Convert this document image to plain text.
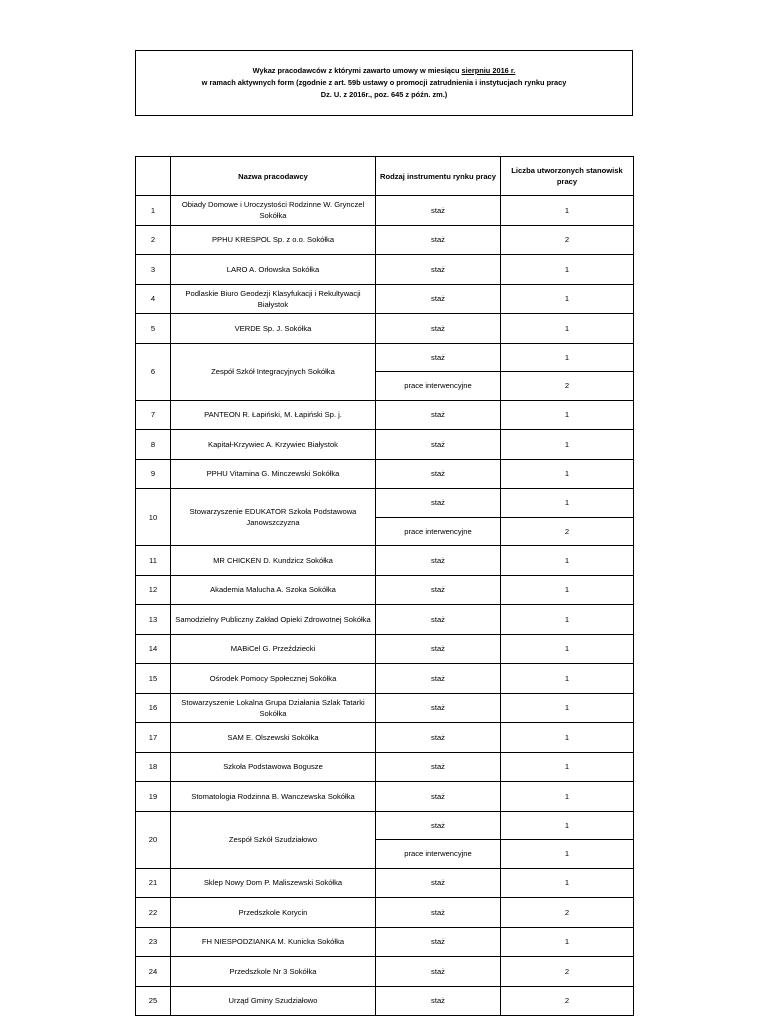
Wykaz pracodawców z którymi zawarto umowy w miesiącu sierpniu 2016 r.
w ramach aktywnych form (zgodnie z art. 59b ustawy o promocji zatrudnienia i instytucjach rynku pracy
Dz. U. z 2016r., poz. 645 z późn. zm.)
	Nazwa pracodawcy	Rodzaj instrumentu rynku pracy	Liczba utworzonych stanowisk pracy
1	Obiady Domowe i Uroczystości Rodzinne W. Grynczel Sokółka	staż	1
2	PPHU KRESPOL Sp. z o.o. Sokółka	staż	2
3	LARO A. Orłowska Sokółka	staż	1
4	Podlaskie Biuro Geodezji Klasyfukacji i Rekultywacji Białystok	staż	1
5	VERDE Sp. J. Sokółka	staż	1
6	Zespół Szkół Integracyjnych Sokółka	staż	1
		prace interwencyjne	2
7	PANTEON R. Łapiński, M. Łapiński Sp. j.	staż	1
8	Kapitał-Krzywiec A. Krzywiec Białystok	staż	1
9	PPHU Vitamina G. Minczewski Sokółka	staż	1
10	Stowarzyszenie EDUKATOR Szkoła Podstawowa Janowszczyzna	staż	1
		prace interwencyjne	2
11	MR CHICKEN D. Kundzicz Sokółka	staż	1
12	Akademia Malucha A. Szoka Sokółka	staż	1
13	Samodzielny Publiczny Zakład Opieki Zdrowotnej Sokółka	staż	1
14	MABiCel G. Przeździecki	staż	1
15	Ośrodek Pomocy Społecznej Sokółka	staż	1
16	Stowarzyszenie Lokalna Grupa Działania Szlak Tatarki Sokółka	staż	1
17	SAM E. Olszewski Sokółka	staż	1
18	Szkoła Podstawowa Bogusze	staż	1
19	Stomatologia Rodzinna B. Wanczewska Sokółka	staż	1
20	Zespół Szkół Szudziałowo	staż	1
		prace interwencyjne	1
21	Sklep Nowy Dom P. Maliszewski Sokółka	staż	1
22	Przedszkole Korycin	staż	2
23	FH NIESPODZIANKA M. Kunicka Sokółka	staż	1
24	Przedszkole Nr 3 Sokółka	staż	2
25	Urząd Gminy Szudziałowo	staż	2
